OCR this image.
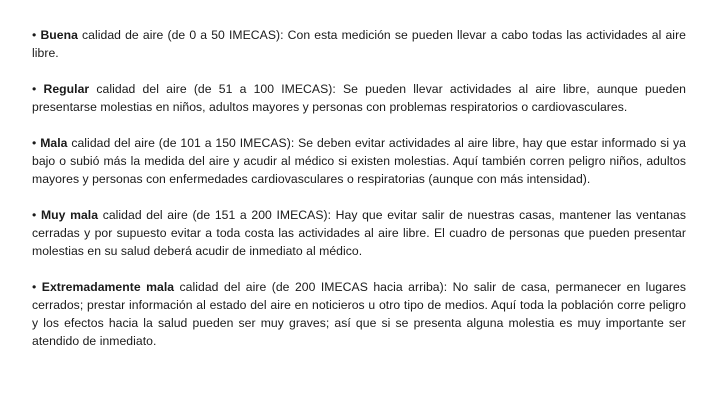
• Buena calidad de aire (de 0 a 50 IMECAS): Con esta medición se pueden llevar a cabo todas las actividades al aire libre.

• Regular calidad del aire (de 51 a 100 IMECAS): Se pueden llevar actividades al aire libre, aunque pueden presentarse molestias en niños, adultos mayores y personas con problemas respiratorios o cardiovasculares.

• Mala calidad del aire (de 101 a 150 IMECAS): Se deben evitar actividades al aire libre, hay que estar informado si ya bajo o subió más la medida del aire y acudir al médico si existen molestias. Aquí también corren peligro niños, adultos mayores y personas con enfermedades cardiovasculares o respiratorias (aunque con más intensidad).

• Muy mala calidad del aire (de 151 a 200 IMECAS): Hay que evitar salir de nuestras casas, mantener las ventanas cerradas y por supuesto evitar a toda costa las actividades al aire libre. El cuadro de personas que pueden presentar molestias en su salud deberá acudir de inmediato al médico.

• Extremadamente mala calidad del aire (de 200 IMECAS hacia arriba): No salir de casa, permanecer en lugares cerrados; prestar información al estado del aire en noticieros u otro tipo de medios. Aquí toda la población corre peligro y los efectos hacia la salud pueden ser muy graves; así que si se presenta alguna molestia es muy importante ser atendido de inmediato.
